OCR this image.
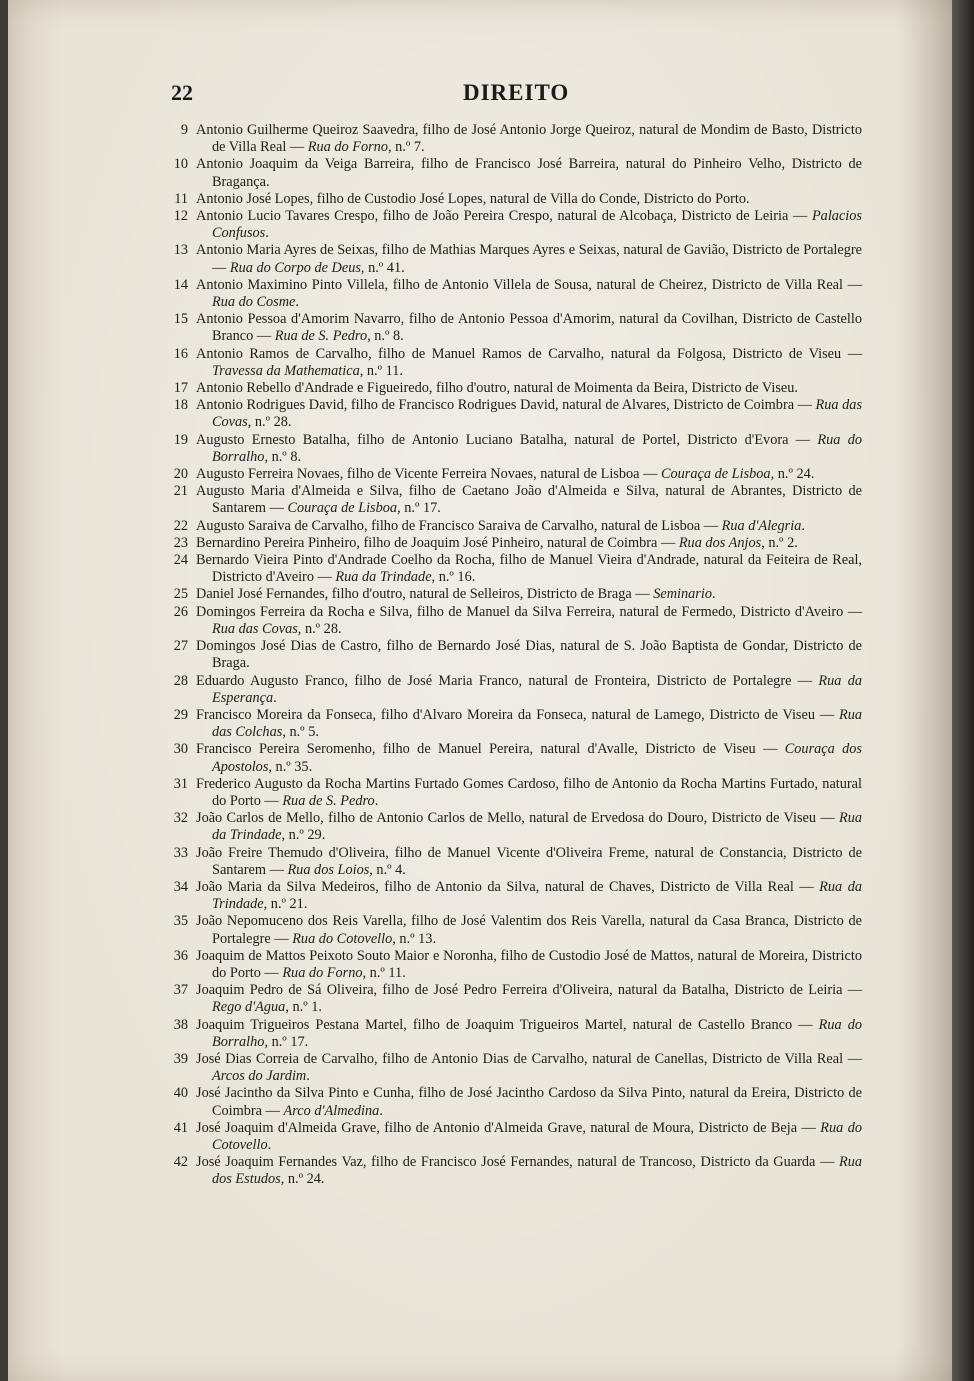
22	DIREITO
9 Antonio Guilherme Queiroz Saavedra, filho de José Antonio Jorge Queiroz, natural de Mondim de Basto, Districto de Villa Real — Rua do Forno, n.º 7.
10 Antonio Joaquim da Veiga Barreira, filho de Francisco José Barreira, natural do Pinheiro Velho, Districto de Bragança.
11 Antonio José Lopes, filho de Custodio José Lopes, natural de Villa do Conde, Districto do Porto.
12 Antonio Lucio Tavares Crespo, filho de João Pereira Crespo, natural de Alcobaça, Districto de Leiria — Palacios Confusos.
13 Antonio Maria Ayres de Seixas, filho de Mathias Marques Ayres e Seixas, natural de Gavião, Districto de Portalegre — Rua do Corpo de Deus, n.º 41.
14 Antonio Maximino Pinto Villela, filho de Antonio Villela de Sousa, natural de Cheirez, Districto de Villa Real — Rua do Cosme.
15 Antonio Pessoa d'Amorim Navarro, filho de Antonio Pessoa d'Amorim, natural da Covilhan, Districto de Castello Branco — Rua de S. Pedro, n.º 8.
16 Antonio Ramos de Carvalho, filho de Manuel Ramos de Carvalho, natural da Folgosa, Districto de Viseu — Travessa da Mathematica, n.º 11.
17 Antonio Rebello d'Andrade e Figueiredo, filho d'outro, natural de Moimenta da Beira, Districto de Viseu.
18 Antonio Rodrigues David, filho de Francisco Rodrigues David, natural de Alvares, Districto de Coimbra — Rua das Covas, n.º 28.
19 Augusto Ernesto Batalha, filho de Antonio Luciano Batalha, natural de Portel, Districto d'Evora — Rua do Borralho, n.º 8.
20 Augusto Ferreira Novaes, filho de Vicente Ferreira Novaes, natural de Lisboa — Couraça de Lisboa, n.º 24.
21 Augusto Maria d'Almeida e Silva, filho de Caetano João d'Almeida e Silva, natural de Abrantes, Districto de Santarem — Couraça de Lisboa, n.º 17.
22 Augusto Saraiva de Carvalho, filho de Francisco Saraiva de Carvalho, natural de Lisboa — Rua d'Alegria.
23 Bernardino Pereira Pinheiro, filho de Joaquim José Pinheiro, natural de Coimbra — Rua dos Anjos, n.º 2.
24 Bernardo Vieira Pinto d'Andrade Coelho da Rocha, filho de Manuel Vieira d'Andrade, natural da Feiteira de Real, Districto d'Aveiro — Rua da Trindade, n.º 16.
25 Daniel José Fernandes, filho d'outro, natural de Selleiros, Districto de Braga — Seminario.
26 Domingos Ferreira da Rocha e Silva, filho de Manuel da Silva Ferreira, natural de Fermedo, Districto d'Aveiro — Rua das Covas, n.º 28.
27 Domingos José Dias de Castro, filho de Bernardo José Dias, natural de S. João Baptista de Gondar, Districto de Braga.
28 Eduardo Augusto Franco, filho de José Maria Franco, natural de Fronteira, Districto de Portalegre — Rua da Esperança.
29 Francisco Moreira da Fonseca, filho d'Alvaro Moreira da Fonseca, natural de Lamego, Districto de Viseu — Rua das Colchas, n.º 5.
30 Francisco Pereira Seromenho, filho de Manuel Pereira, natural d'Avalle, Districto de Viseu — Couraça dos Apostolos, n.º 35.
31 Frederico Augusto da Rocha Martins Furtado Gomes Cardoso, filho de Antonio da Rocha Martins Furtado, natural do Porto — Rua de S. Pedro.
32 João Carlos de Mello, filho de Antonio Carlos de Mello, natural de Ervedosa do Douro, Districto de Viseu — Rua da Trindade, n.º 29.
33 João Freire Themudo d'Oliveira, filho de Manuel Vicente d'Oliveira Freme, natural de Constancia, Districto de Santarem — Rua dos Loios, n.º 4.
34 João Maria da Silva Medeiros, filho de Antonio da Silva, natural de Chaves, Districto de Villa Real — Rua da Trindade, n.º 21.
35 João Nepomuceno dos Reis Varella, filho de José Valentim dos Reis Varella, natural da Casa Branca, Districto de Portalegre — Rua do Cotovello, n.º 13.
36 Joaquim de Mattos Peixoto Souto Maior e Noronha, filho de Custodio José de Mattos, natural de Moreira, Districto do Porto — Rua do Forno, n.º 11.
37 Joaquim Pedro de Sá Oliveira, filho de José Pedro Ferreira d'Oliveira, natural da Batalha, Districto de Leiria — Rego d'Agua, n.º 1.
38 Joaquim Trigueiros Pestana Martel, filho de Joaquim Trigueiros Martel, natural de Castello Branco — Rua do Borralho, n.º 17.
39 José Dias Correia de Carvalho, filho de Antonio Dias de Carvalho, natural de Canellas, Districto de Villa Real — Arcos do Jardim.
40 José Jacintho da Silva Pinto e Cunha, filho de José Jacintho Cardoso da Silva Pinto, natural da Ereira, Districto de Coimbra — Arco d'Almedina.
41 José Joaquim d'Almeida Grave, filho de Antonio d'Almeida Grave, natural de Moura, Districto de Beja — Rua do Cotovello.
42 José Joaquim Fernandes Vaz, filho de Francisco José Fernandes, natural de Trancoso, Districto da Guarda — Rua dos Estudos, n.º 24.
